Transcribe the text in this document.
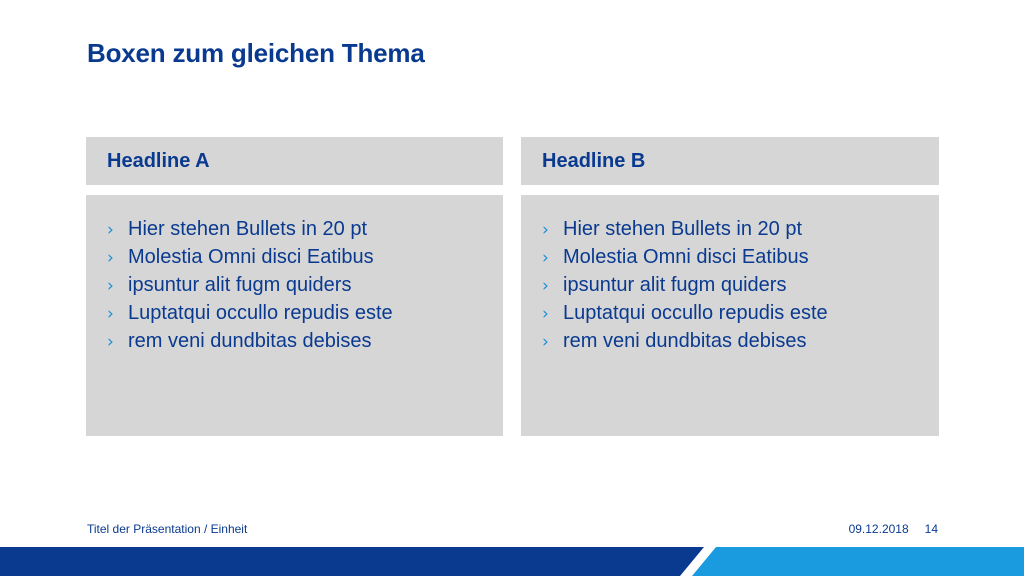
Boxen zum gleichen Thema
Headline A
› Hier stehen Bullets in 20 pt
› Molestia Omni disci Eatibus
› ipsuntur alit fugm quiders
› Luptatqui occullo repudis este
› rem veni dundbitas debises
Headline B
› Hier stehen Bullets in 20 pt
› Molestia Omni disci Eatibus
› ipsuntur alit fugm quiders
› Luptatqui occullo repudis este
› rem veni dundbitas debises
Titel der Präsentation / Einheit	09.12.2018 14
